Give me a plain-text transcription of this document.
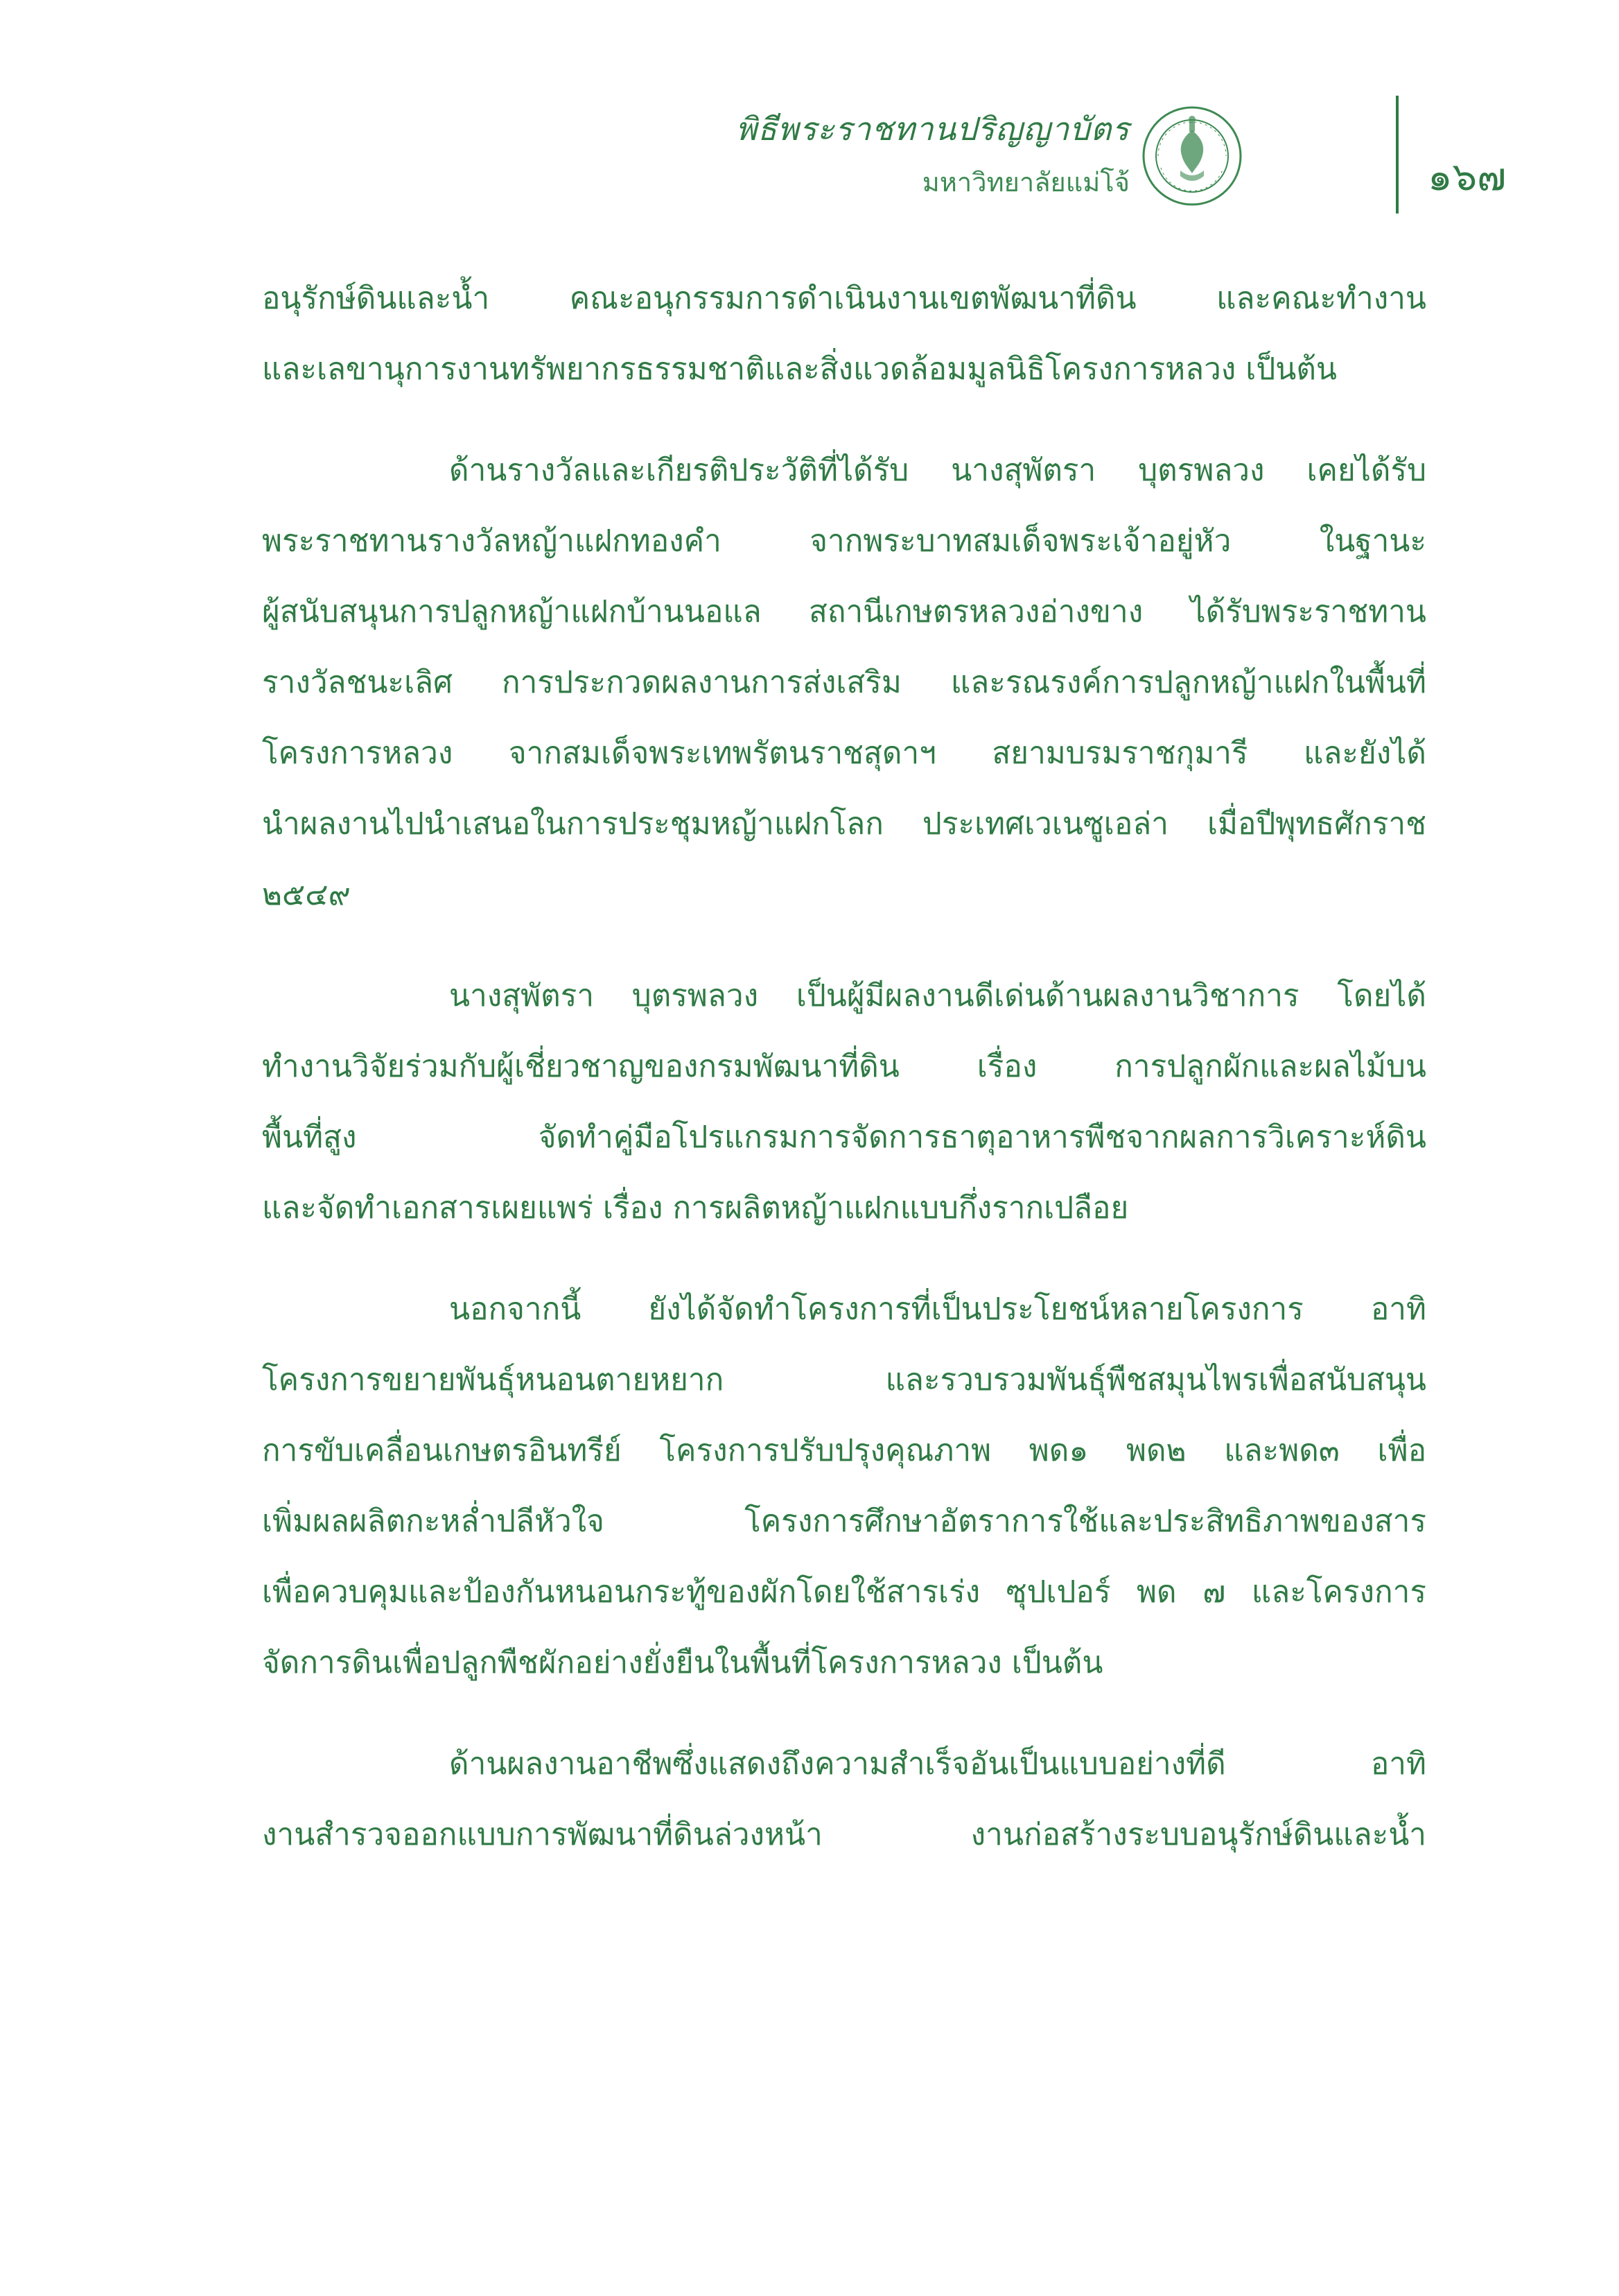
พิธีพระราชทานปริญญาบัตร
มหาวิทยาลัยแม่โจ้	๑๖๗
อนุรักษ์ดินและน้ำ คณะอนุกรรมการดำเนินงานเขตพัฒนาที่ดิน และคณะทำงาน
และเลขานุการงานทรัพยากรธรรมชาติและสิ่งแวดล้อมมูลนิธิโครงการหลวง เป็นต้น
ด้านรางวัลและเกียรติประวัติที่ได้รับ นางสุพัตรา บุตรพลวง เคยได้รับ
พระราชทานรางวัลหญ้าแฝกทองคำ จากพระบาทสมเด็จพระเจ้าอยู่หัว ในฐานะ
ผู้สนับสนุนการปลูกหญ้าแฝกบ้านนอแล สถานีเกษตรหลวงอ่างขาง ได้รับพระราชทาน
รางวัลชนะเลิศ การประกวดผลงานการส่งเสริม และรณรงค์การปลูกหญ้าแฝกในพื้นที่
โครงการหลวง จากสมเด็จพระเทพรัตนราชสุดาฯ สยามบรมราชกุมารี และยังได้
นำผลงานไปนำเสนอในการประชุมหญ้าแฝกโลก ประเทศเวเนซูเอล่า เมื่อปีพุทธศักราช
๒๕๔๙
นางสุพัตรา บุตรพลวง เป็นผู้มีผลงานดีเด่นด้านผลงานวิชาการ โดยได้
ทำงานวิจัยร่วมกับผู้เชี่ยวชาญของกรมพัฒนาที่ดิน เรื่อง การปลูกผักและผลไม้บน
พื้นที่สูง จัดทำคู่มือโปรแกรมการจัดการธาตุอาหารพืชจากผลการวิเคราะห์ดิน
และจัดทำเอกสารเผยแพร่ เรื่อง การผลิตหญ้าแฝกแบบกึ่งรากเปลือย
นอกจากนี้ ยังได้จัดทำโครงการที่เป็นประโยชน์หลายโครงการ อาทิ
โครงการขยายพันธุ์หนอนตายหยาก และรวบรวมพันธุ์พืชสมุนไพรเพื่อสนับสนุน
การขับเคลื่อนเกษตรอินทรีย์ โครงการปรับปรุงคุณภาพ พด๑ พด๒ และพด๓ เพื่อ
เพิ่มผลผลิตกะหล่ำปลีหัวใจ โครงการศึกษาอัตราการใช้และประสิทธิภาพของสาร
เพื่อควบคุมและป้องกันหนอนกระทู้ของผักโดยใช้สารเร่ง ซุปเปอร์ พด ๗ และโครงการ
จัดการดินเพื่อปลูกพืชผักอย่างยั่งยืนในพื้นที่โครงการหลวง เป็นต้น
ด้านผลงานอาชีพซึ่งแสดงถึงความสำเร็จอันเป็นแบบอย่างที่ดี อาทิ
งานสำรวจออกแบบการพัฒนาที่ดินล่วงหน้า งานก่อสร้างระบบอนุรักษ์ดินและน้ำ
